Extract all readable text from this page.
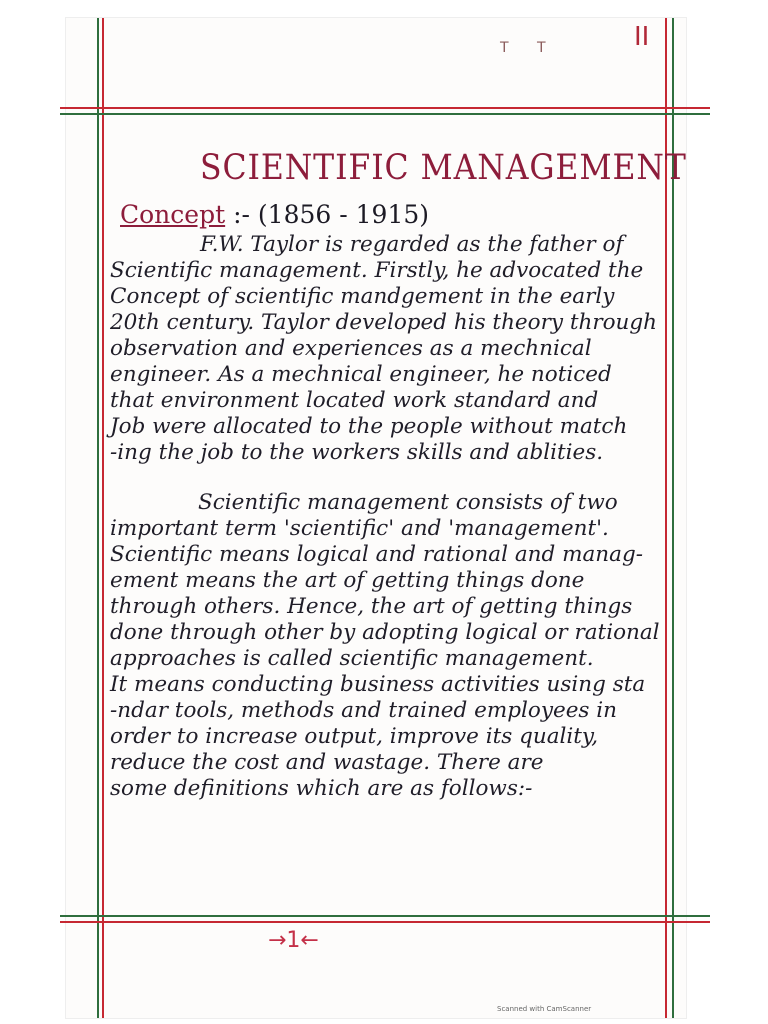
T T	II
SCIENTIFIC MANAGEMENT
Concept :- (1856 - 1915)
F.W. Taylor is regarded as the father of
Scientific management. Firstly, he advocated the
Concept of scientific mandgement in the early
20th century. Taylor developed his theory through
observation and experiences as a mechnical
engineer. As a mechnical engineer, he noticed
that environment located work standard and
Job were allocated to the people without match
-ing the job to the workers skills and ablities.
Scientific management consists of two
important term 'scientific' and 'management'.
Scientific means logical and rational and manag-
ement means the art of getting things done
through others. Hence, the art of getting things
done through other by adopting logical or rational
approaches is called scientific management.
It means conducting business activities using sta
-ndar tools, methods and trained employees in
order to increase output, improve its quality,
reduce the cost and wastage. There are
some definitions which are as follows:-
→1←
Scanned with CamScanner
